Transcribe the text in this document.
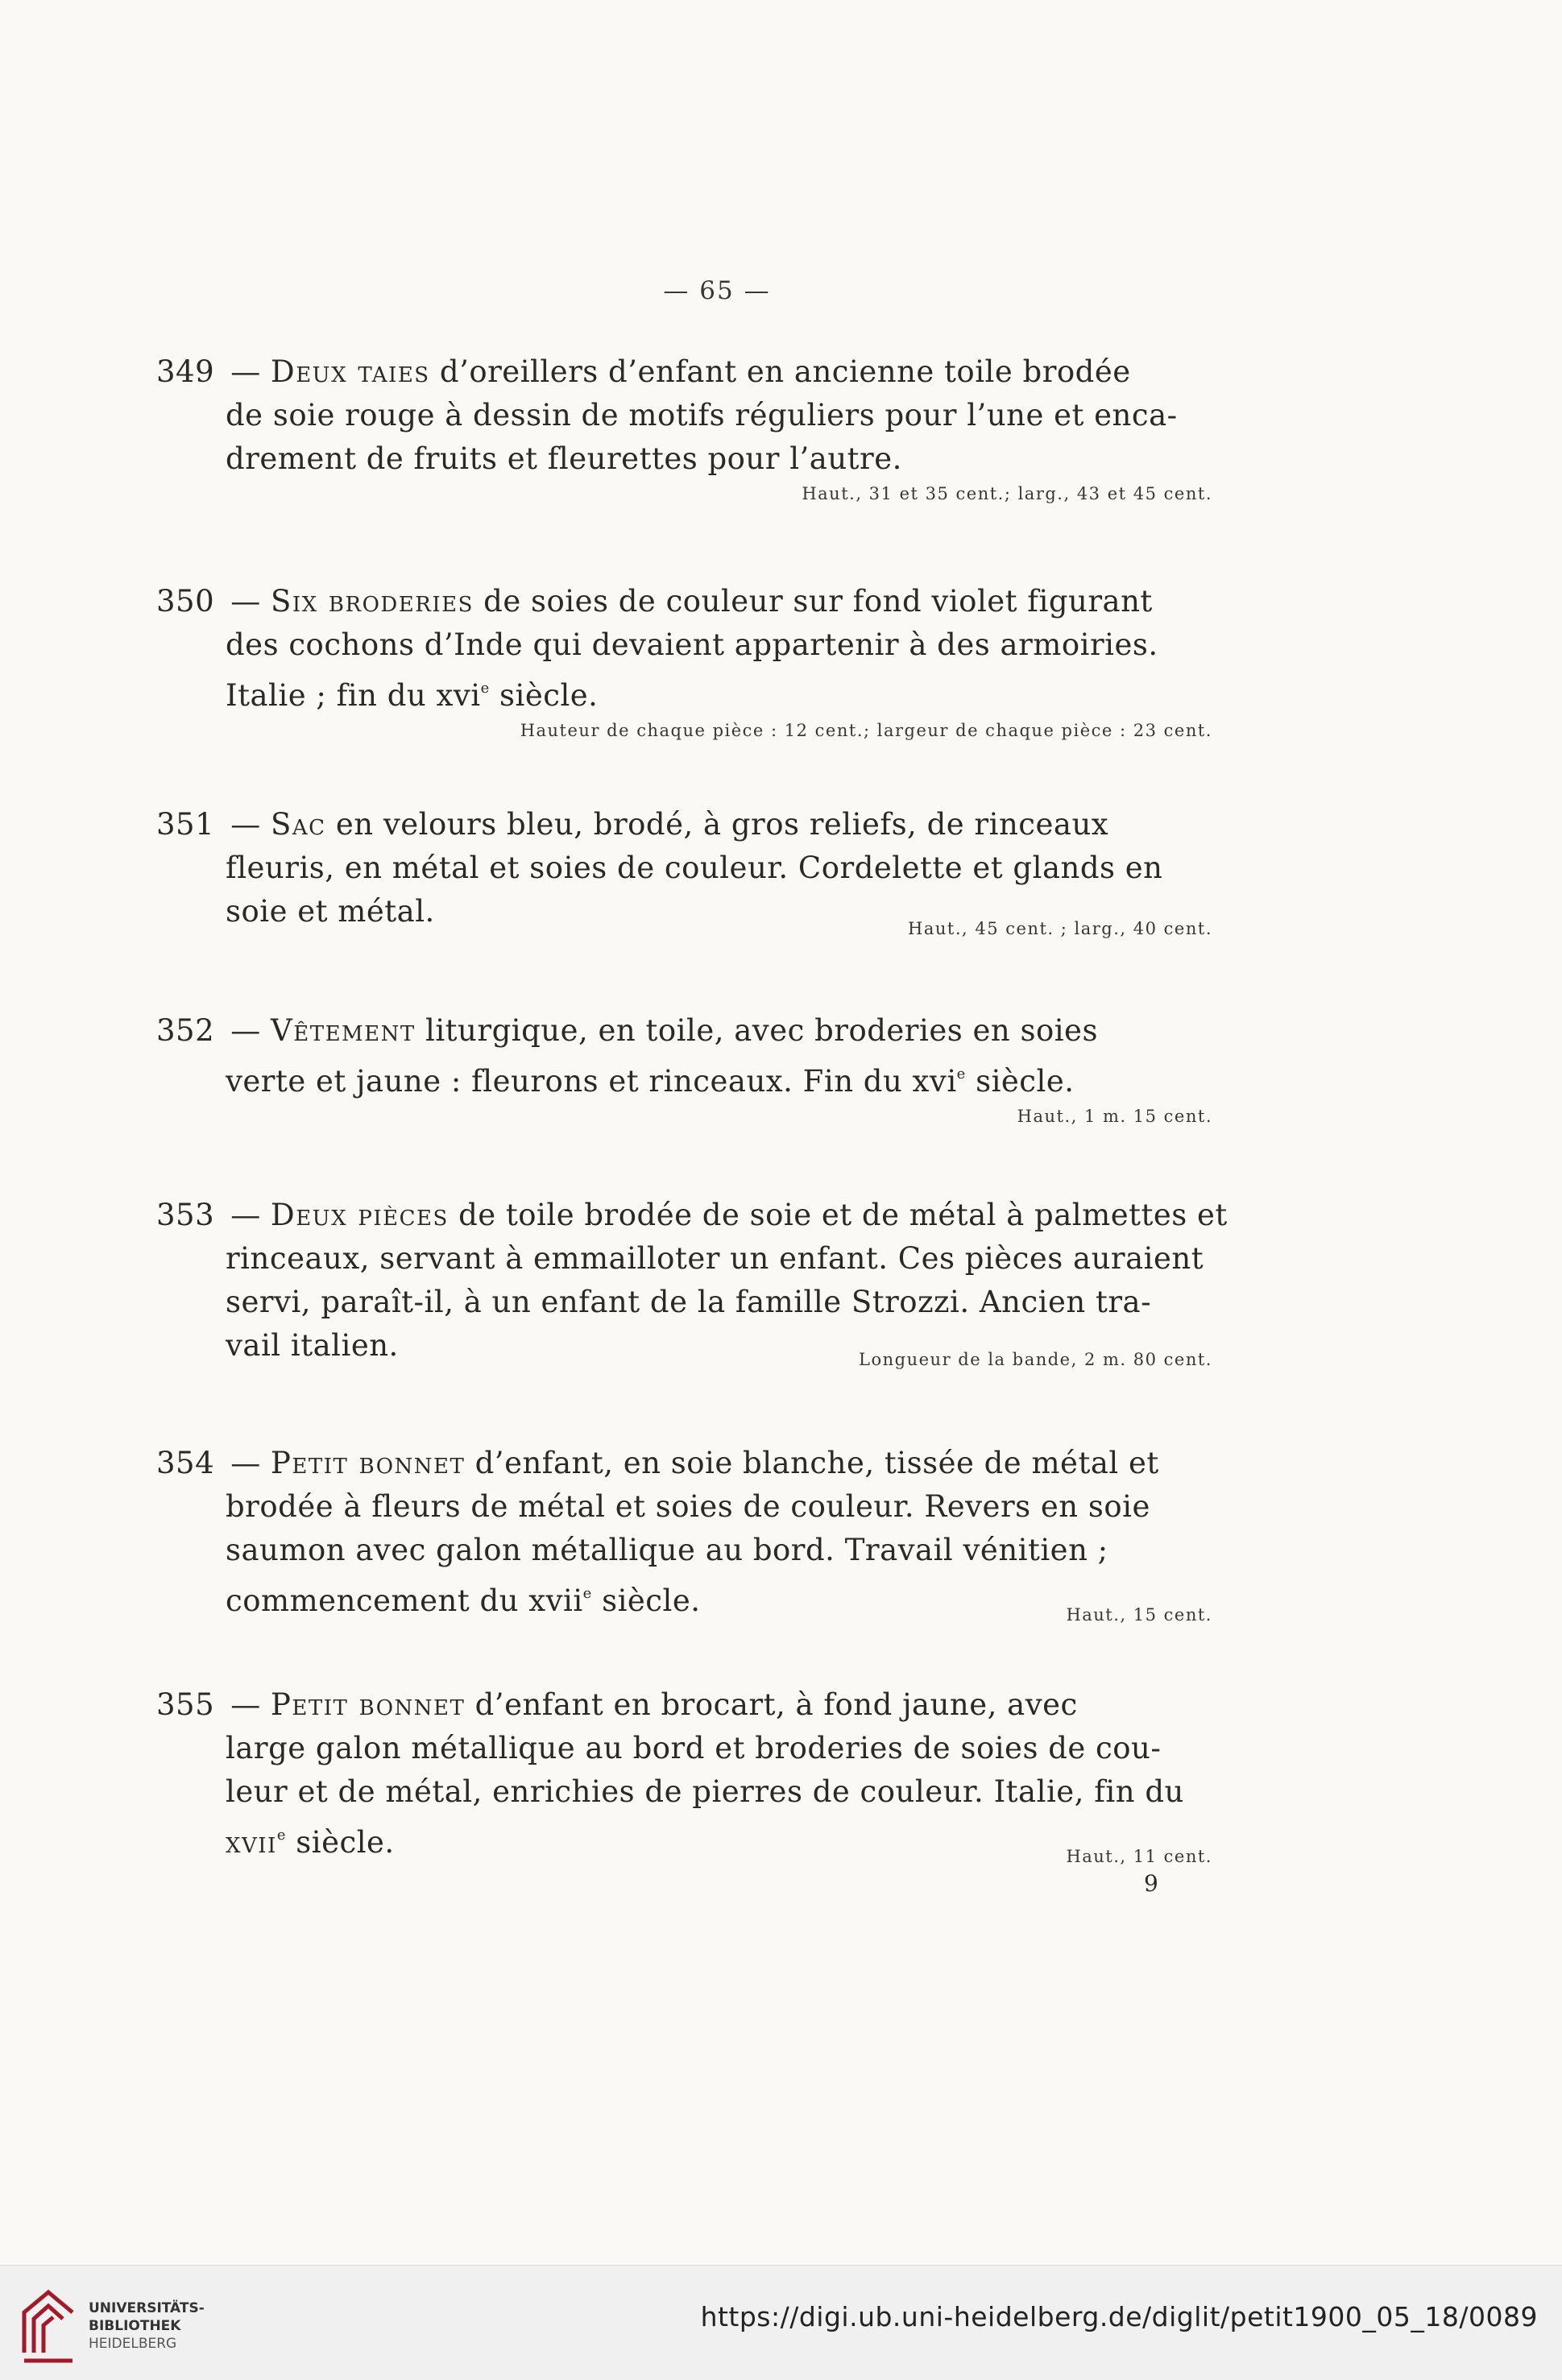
— 65 —
349 — Deux taies d’oreillers d’enfant en ancienne toile brodée
de soie rouge à dessin de motifs réguliers pour l’une et enca-
drement de fruits et fleurettes pour l’autre.
Haut., 31 et 35 cent.; larg., 43 et 45 cent.
350 — Six broderies de soies de couleur sur fond violet figurant
des cochons d’Inde qui devaient appartenir à des armoiries.
Italie ; fin du xvi$^e$ siècle.
Hauteur de chaque pièce : 12 cent.; largeur de chaque pièce : 23 cent.
351 — Sac en velours bleu, brodé, à gros reliefs, de rinceaux
fleuris, en métal et soies de couleur. Cordelette et glands en
soie et métal.	Haut., 45 cent. ; larg., 40 cent.
352 — Vêtement liturgique, en toile, avec broderies en soies
verte et jaune : fleurons et rinceaux. Fin du xvi$^e$ siècle.
Haut., 1 m. 15 cent.
353 — Deux pièces de toile brodée de soie et de métal à palmettes et
rinceaux, servant à emmailloter un enfant. Ces pièces auraient
servi, paraît-il, à un enfant de la famille Strozzi. Ancien tra-
vail italien.	Longueur de la bande, 2 m. 80 cent.
354 — Petit bonnet d’enfant, en soie blanche, tissée de métal et
brodée à fleurs de métal et soies de couleur. Revers en soie
saumon avec galon métallique au bord. Travail vénitien ;
commencement du xvii$^e$ siècle.	Haut., 15 cent.
355 — Petit bonnet d’enfant en brocart, à fond jaune, avec
large galon métallique au bord et broderies de soies de cou-
leur et de métal, enrichies de pierres de couleur. Italie, fin du
xvii$^e$ siècle.	Haut., 11 cent.
9
UNIVERSITÄTS-
BIBLIOTHEK
HEIDELBERG
https://digi.ub.uni-heidelberg.de/diglit/petit1900_05_18/0089
